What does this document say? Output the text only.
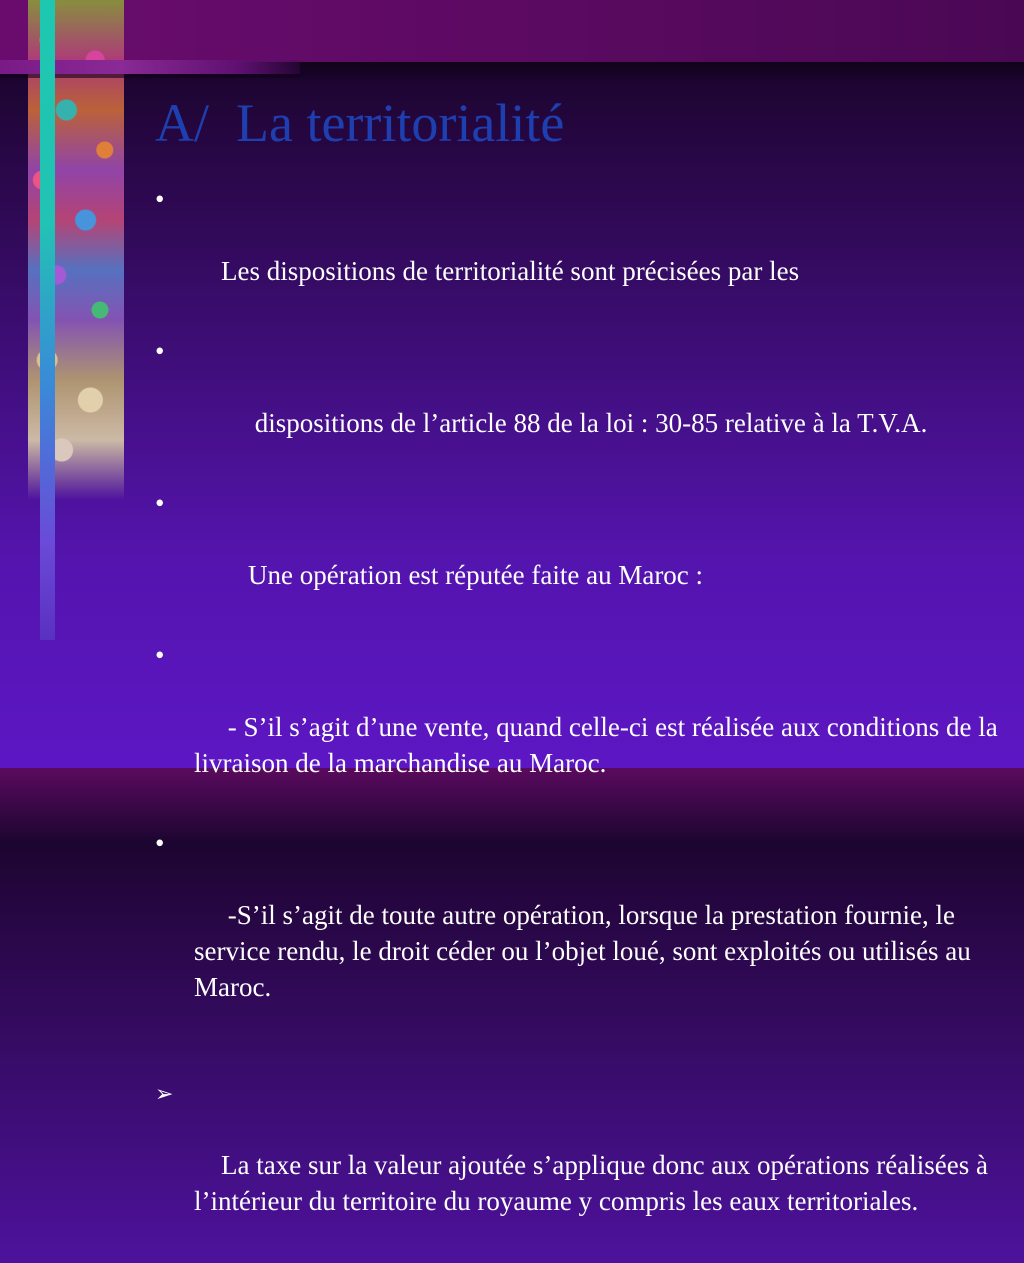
A/  La territorialité

•

Les dispositions de territorialité sont précisées par les

•

dispositions de l’article 88 de la loi : 30-85 relative à la T.V.A.

•

Une opération est réputée faite au Maroc :

•

- S’il s’agit d’une vente, quand celle-ci est réalisée aux conditions de la livraison de la marchandise au Maroc.

•

-S’il s’agit de toute autre opération, lorsque la prestation fournie, le service rendu, le droit céder ou l’objet loué, sont exploités ou utilisés au Maroc.

➢

La taxe sur la valeur ajoutée s’applique donc aux opérations réalisées à l’intérieur du territoire du royaume y compris les eaux territoriales.
